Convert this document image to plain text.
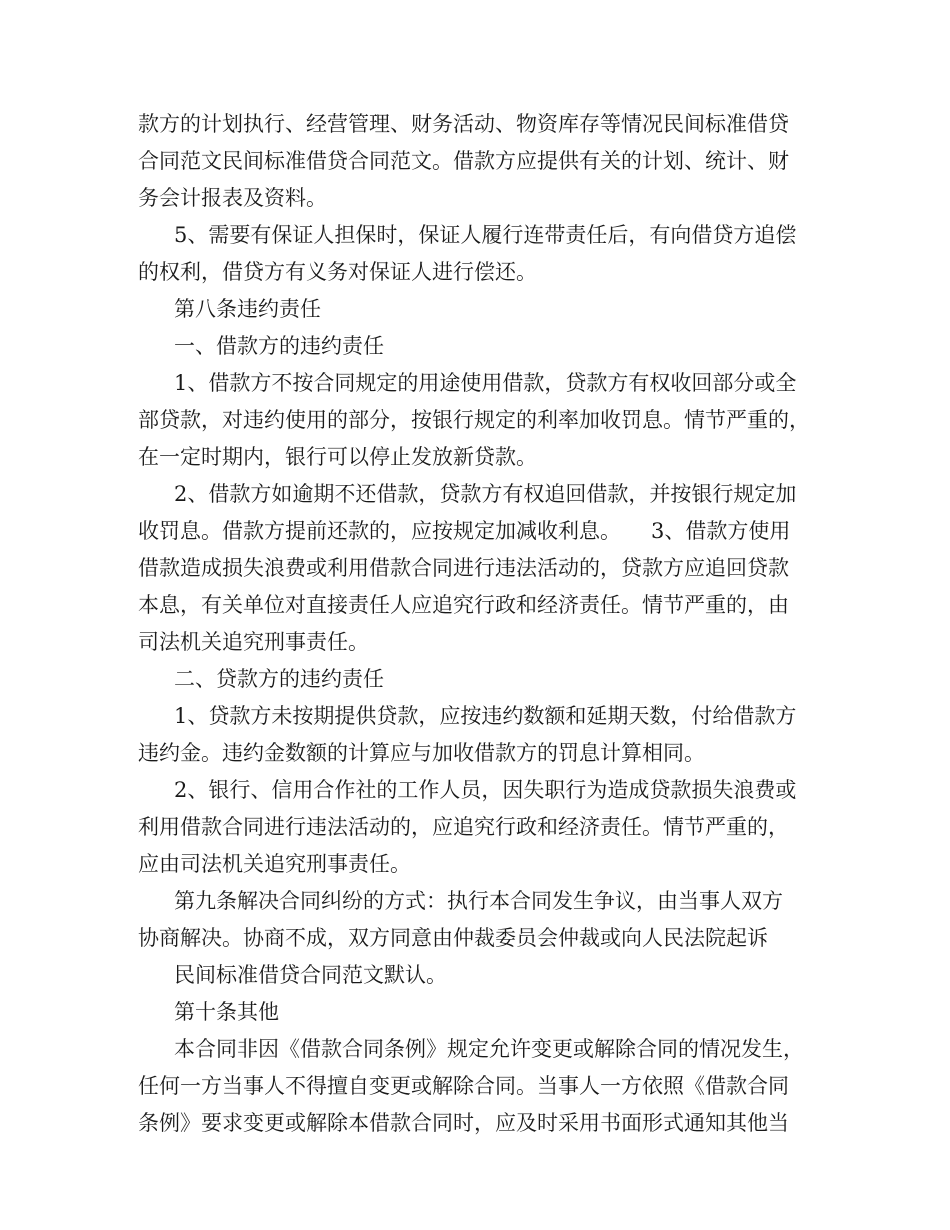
款方的计划执行、经营管理、财务活动、物资库存等情况民间标准借贷
合同范文民间标准借贷合同范文。借款方应提供有关的计划、统计、财
务会计报表及资料。
5、需要有保证人担保时，保证人履行连带责任后，有向借贷方追偿
的权利，借贷方有义务对保证人进行偿还。
第八条违约责任
一、借款方的违约责任
1、借款方不按合同规定的用途使用借款，贷款方有权收回部分或全
部贷款，对违约使用的部分，按银行规定的利率加收罚息。情节严重的，
在一定时期内，银行可以停止发放新贷款。
2、借款方如逾期不还借款，贷款方有权追回借款，并按银行规定加
收罚息。借款方提前还款的，应按规定加减收利息。 3、借款方使用
借款造成损失浪费或利用借款合同进行违法活动的，贷款方应追回贷款
本息，有关单位对直接责任人应追究行政和经济责任。情节严重的，由
司法机关追究刑事责任。
二、贷款方的违约责任
1、贷款方未按期提供贷款，应按违约数额和延期天数，付给借款方
违约金。违约金数额的计算应与加收借款方的罚息计算相同。
2、银行、信用合作社的工作人员，因失职行为造成贷款损失浪费或
利用借款合同进行违法活动的，应追究行政和经济责任。情节严重的，
应由司法机关追究刑事责任。
第九条解决合同纠纷的方式：执行本合同发生争议，由当事人双方
协商解决。协商不成，双方同意由仲裁委员会仲裁或向人民法院起诉
民间标准借贷合同范文默认。
第十条其他
本合同非因《借款合同条例》规定允许变更或解除合同的情况发生，
任何一方当事人不得擅自变更或解除合同。当事人一方依照《借款合同
条例》要求变更或解除本借款合同时，应及时采用书面形式通知其他当
